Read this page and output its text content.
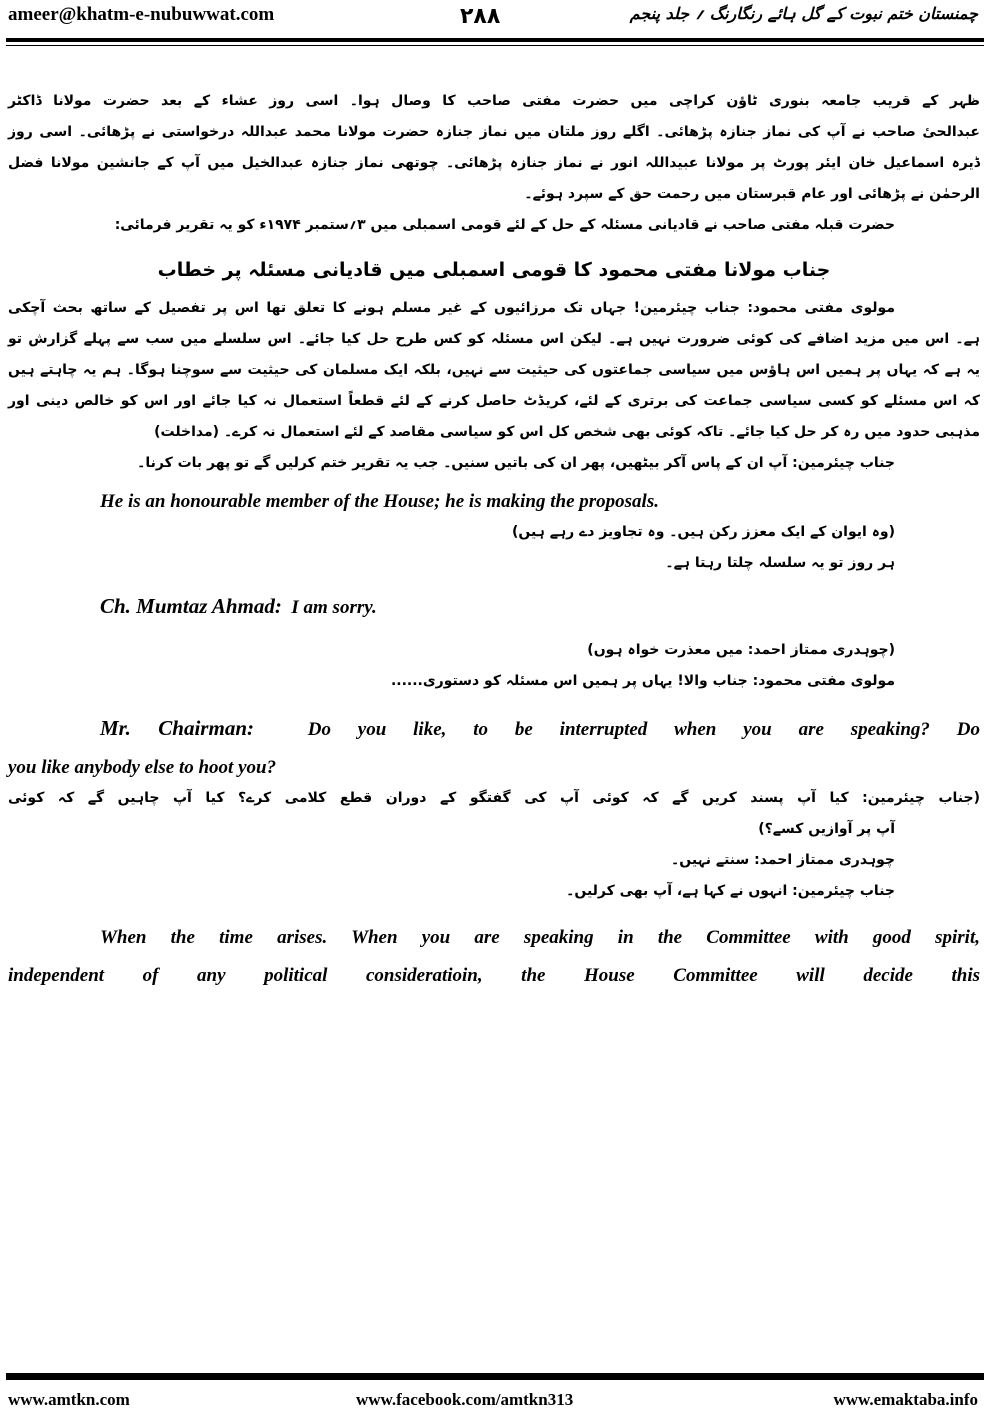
ameer@khatm-e-nubuwwat.com	۲۸۸	چمنستان ختم نبوت کے گل ہائے رنگارنگ ؍ جلد پنجم
ظہر کے قریب جامعہ بنوری ٹاؤن کراچی میں حضرت مفتی صاحب کا وصال ہوا۔ اسی روز عشاء کے بعد حضرت مولانا ڈاکٹر
عبدالحیٔ صاحب نے آپ کی نماز جنازہ پڑھائی۔ اگلے روز ملتان میں نماز جنازہ حضرت مولانا محمد عبداللہ درخواستی نے پڑھائی۔ اسی روز
ڈیرہ اسماعیل خان ایئر پورٹ پر مولانا عبیداللہ انور نے نماز جنازہ پڑھائی۔ چوتھی نماز جنازہ عبدالخیل میں آپ کے جانشین مولانا فضل
الرحمٰن نے پڑھائی اور عام قبرستان میں رحمت حق کے سپرد ہوئے۔
حضرت قبلہ مفتی صاحب نے قادیانی مسئلہ کے حل کے لئے قومی اسمبلی میں ۳؍ستمبر ۱۹۷۴ء کو یہ تقریر فرمائی:
جناب مولانا مفتی محمود کا قومی اسمبلی میں قادیانی مسئلہ پر خطاب
مولوی مفتی محمود: جناب چیئرمین! جہاں تک مرزائیوں کے غیر مسلم ہونے کا تعلق تھا اس پر تفصیل کے ساتھ بحث آچکی
ہے۔ اس میں مزید اضافے کی کوئی ضرورت نہیں ہے۔ لیکن اس مسئلہ کو کس طرح حل کیا جائے۔ اس سلسلے میں سب سے پہلے گزارش تو
یہ ہے کہ یہاں پر ہمیں اس ہاؤس میں سیاسی جماعتوں کی حیثیت سے نہیں، بلکہ ایک مسلمان کی حیثیت سے سوچنا ہوگا۔ ہم یہ چاہتے ہیں
کہ اس مسئلے کو کسی سیاسی جماعت کی برتری کے لئے، کریڈٹ حاصل کرنے کے لئے قطعاً استعمال نہ کیا جائے اور اس کو خالص دینی اور
مذہبی حدود میں رہ کر حل کیا جائے۔ تاکہ کوئی بھی شخص کل اس کو سیاسی مقاصد کے لئے استعمال نہ کرے۔ (مداخلت)
جناب چیئرمین: آپ ان کے پاس آکر بیٹھیں، پھر ان کی باتیں سنیں۔ جب یہ تقریر ختم کرلیں گے تو پھر بات کرنا۔
He is an honourable member of the House; he is making the proposals.
(وہ ایوان کے ایک معزز رکن ہیں۔ وہ تجاویز دے رہے ہیں)
ہر روز تو یہ سلسلہ چلتا رہتا ہے۔
Ch. Mumtaz Ahmad: I am sorry.
(چوہدری ممتاز احمد: میں معذرت خواہ ہوں)
مولوی مفتی محمود: جناب والا! یہاں پر ہمیں اس مسئلہ کو دستوری......
Mr. Chairman:	Do you like, to be interrupted when you are speaking? Do
you like anybody else to hoot you?
(جناب چیئرمین: کیا آپ پسند کریں گے کہ کوئی آپ کی گفتگو کے دوران قطع کلامی کرے؟ کیا آپ چاہیں گے کہ کوئی
آپ پر آوازیں کسے؟)
چوہدری ممتاز احمد: سنتے نہیں۔
جناب چیئرمین: انہوں نے کہا ہے، آپ بھی کرلیں۔
When the time arises. When you are speaking in the Committee with good spirit,
independent of any political consideratioin, the House Committee will decide this
www.amtkn.com	www.facebook.com/amtkn313	www.emaktaba.info
